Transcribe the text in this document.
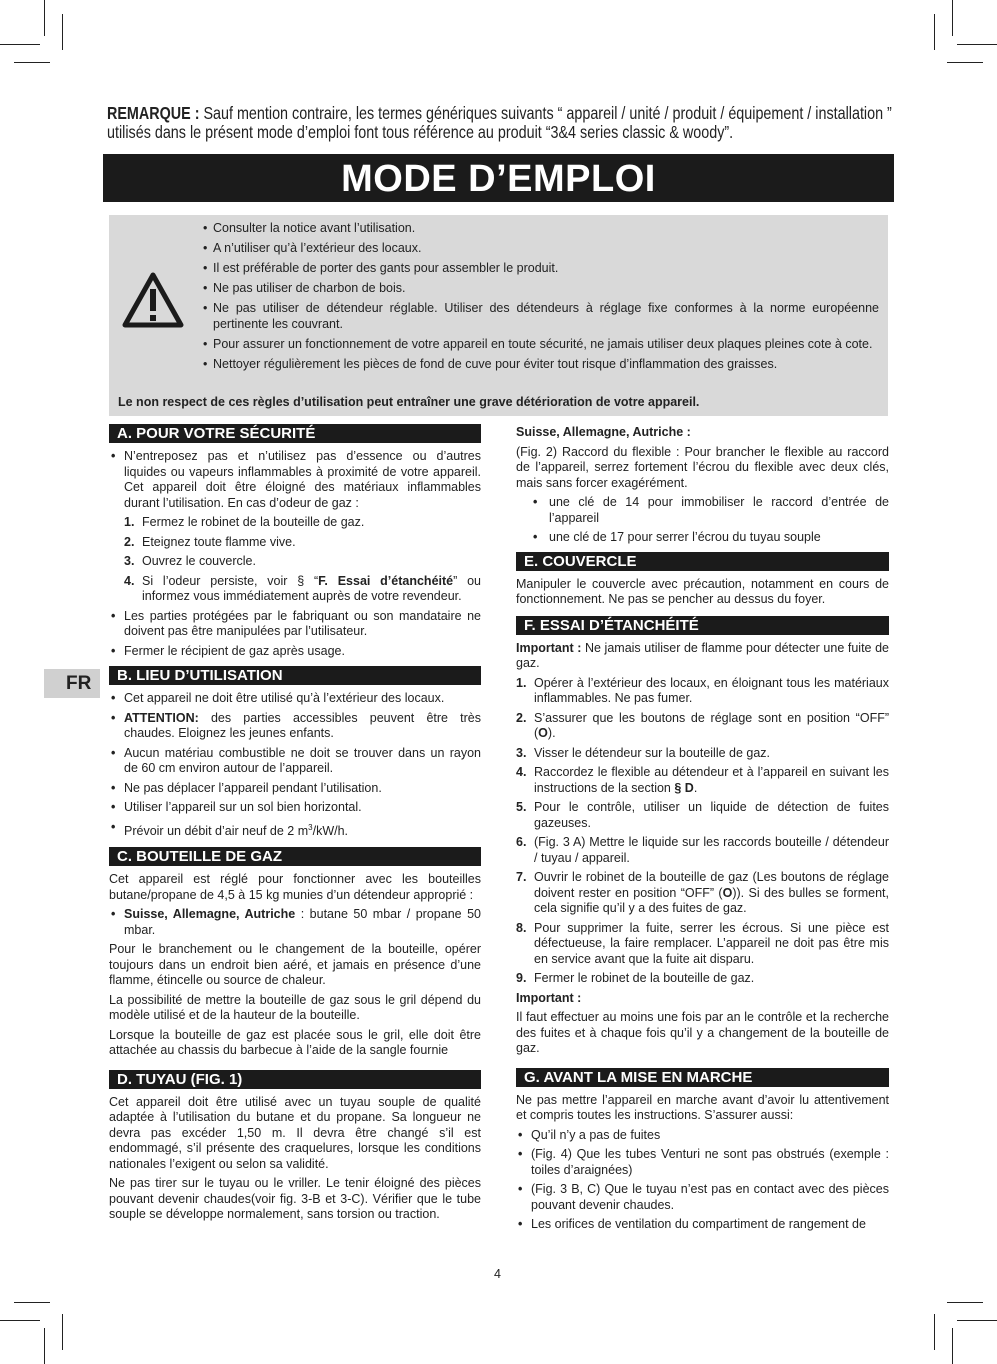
REMARQUE : Sauf mention contraire, les termes génériques suivants “ appareil / unité / produit / équipement / installation ” utilisés dans le présent mode d’emploi font tous référence au produit “3&4 series classic & woody”.
MODE D’EMPLOI
• Consulter la notice avant l’utilisation.
• A n’utiliser qu’à l’extérieur des locaux.
• Il est préférable de porter des gants pour assembler le produit.
• Ne pas utiliser de charbon de bois.
• Ne pas utiliser de détendeur réglable. Utiliser des détendeurs à réglage fixe conformes à la norme européenne pertinente les couvrant.
• Pour assurer un fonctionnement de votre appareil en toute sécurité, ne jamais utiliser deux plaques pleines cote à cote.
• Nettoyer régulièrement les pièces de fond de cuve pour éviter tout risque d’inflammation des graisses.
Le non respect de ces règles d’utilisation peut entraîner une grave détérioration de votre appareil.
FR
A. POUR VOTRE SÉCURITÉ
• N’entreposez pas et n’utilisez pas d’essence ou d’autres liquides ou vapeurs inflammables à proximité de votre appareil. Cet appareil doit être éloigné des matériaux inflammables durant l’utilisation. En cas d’odeur de gaz :
1. Fermez le robinet de la bouteille de gaz.
2. Eteignez toute flamme vive.
3. Ouvrez le couvercle.
4. Si l’odeur persiste, voir § “F. Essai d’étanchéité” ou informez vous immédiatement auprès de votre revendeur.
• Les parties protégées par le fabriquant ou son mandataire ne doivent pas être manipulées par l’utilisateur.
• Fermer le récipient de gaz après usage.
B. LIEU D’UTILISATION
• Cet appareil ne doit être utilisé qu’à l’extérieur des locaux.
• ATTENTION: des parties accessibles peuvent être très chaudes. Eloignez les jeunes enfants.
• Aucun matériau combustible ne doit se trouver dans un rayon de 60 cm environ autour de l’appareil.
• Ne pas déplacer l’appareil pendant l’utilisation.
• Utiliser l’appareil sur un sol bien horizontal.
• Prévoir un débit d’air neuf de 2 $m^3/kW/h$.
C. BOUTEILLE DE GAZ

Cet appareil est réglé pour fonctionner avec les bouteilles butane/propane de 4,5 à 15 kg munies d’un détendeur approprié :

• Suisse, Allemagne, Autriche : butane 50 mbar / propane 50 mbar.

Pour le branchement ou le changement de la bouteille, opérer toujours dans un endroit bien aéré, et jamais en présence d’une flamme, étincelle ou source de chaleur.

La possibilité de mettre la bouteille de gaz sous le gril dépend du modèle utilisé et de la hauteur de la bouteille.

Lorsque la bouteille de gaz est placée sous le gril, elle doit être attachée au chassis du barbecue à l’aide de la sangle fournie

D. TUYAU (FIG. 1)

Cet appareil doit être utilisé avec un tuyau souple de qualité adaptée à l’utilisation du butane et du propane. Sa longueur ne devra pas excéder 1,50 m. Il devra être changé s’il est endommagé, s’il présente des craquelures, lorsque les conditions nationales l’exigent ou selon sa validité.

Ne pas tirer sur le tuyau ou le vriller. Le tenir éloigné des pièces pouvant devenir chaudes(voir fig. 3-B et 3-C). Vérifier que le tube souple se développe normalement, sans torsion ou traction.

Suisse, Allemagne, Autriche :

(Fig. 2) Raccord du flexible : Pour brancher le flexible au raccord de l’appareil, serrez fortement l’écrou du flexible avec deux clés, mais sans forcer exagérément.

• une clé de 14 pour immobiliser le raccord d’entrée de l’appareil
• une clé de 17 pour serrer l’écrou du tuyau souple
E. COUVERCLE

Manipuler le couvercle avec précaution, notamment en cours de fonctionnement. Ne pas se pencher au dessus du foyer.

F. ESSAI D’ÉTANCHÉITÉ

Important : Ne jamais utiliser de flamme pour détecter une fuite de gaz.

1. Opérer à l’extérieur des locaux, en éloignant tous les matériaux inflammables. Ne pas fumer.
2. S’assurer que les boutons de réglage sont en position “OFF” (O).
3. Visser le détendeur sur la bouteille de gaz.
4. Raccordez le flexible au détendeur et à l’appareil en suivant les instructions de la section § D.
5. Pour le contrôle, utiliser un liquide de détection de fuites gazeuses.
6. (Fig. 3 A) Mettre le liquide sur les raccords bouteille / détendeur / tuyau / appareil.
7. Ouvrir le robinet de la bouteille de gaz (Les boutons de réglage doivent rester en position “OFF” (O)). Si des bulles se forment, cela signifie qu’il y a des fuites de gaz.
8. Pour supprimer la fuite, serrer les écrous. Si une pièce est défectueuse, la faire remplacer. L’appareil ne doit pas être mis en service avant que la fuite ait disparu.
9. Fermer le robinet de la bouteille de gaz.

Important :

Il faut effectuer au moins une fois par an le contrôle et la recherche des fuites et à chaque fois qu’il y a changement de la bouteille de gaz.

G. AVANT LA MISE EN MARCHE

Ne pas mettre l’appareil en marche avant d’avoir lu attentivement et compris toutes les instructions. S’assurer aussi:

• Qu’il n’y a pas de fuites
• (Fig. 4) Que les tubes Venturi ne sont pas obstrués (exemple : toiles d’araignées)
• (Fig. 3 B, C) Que le tuyau n’est pas en contact avec des pièces pouvant devenir chaudes.
• Les orifices de ventilation du compartiment de rangement de
4
